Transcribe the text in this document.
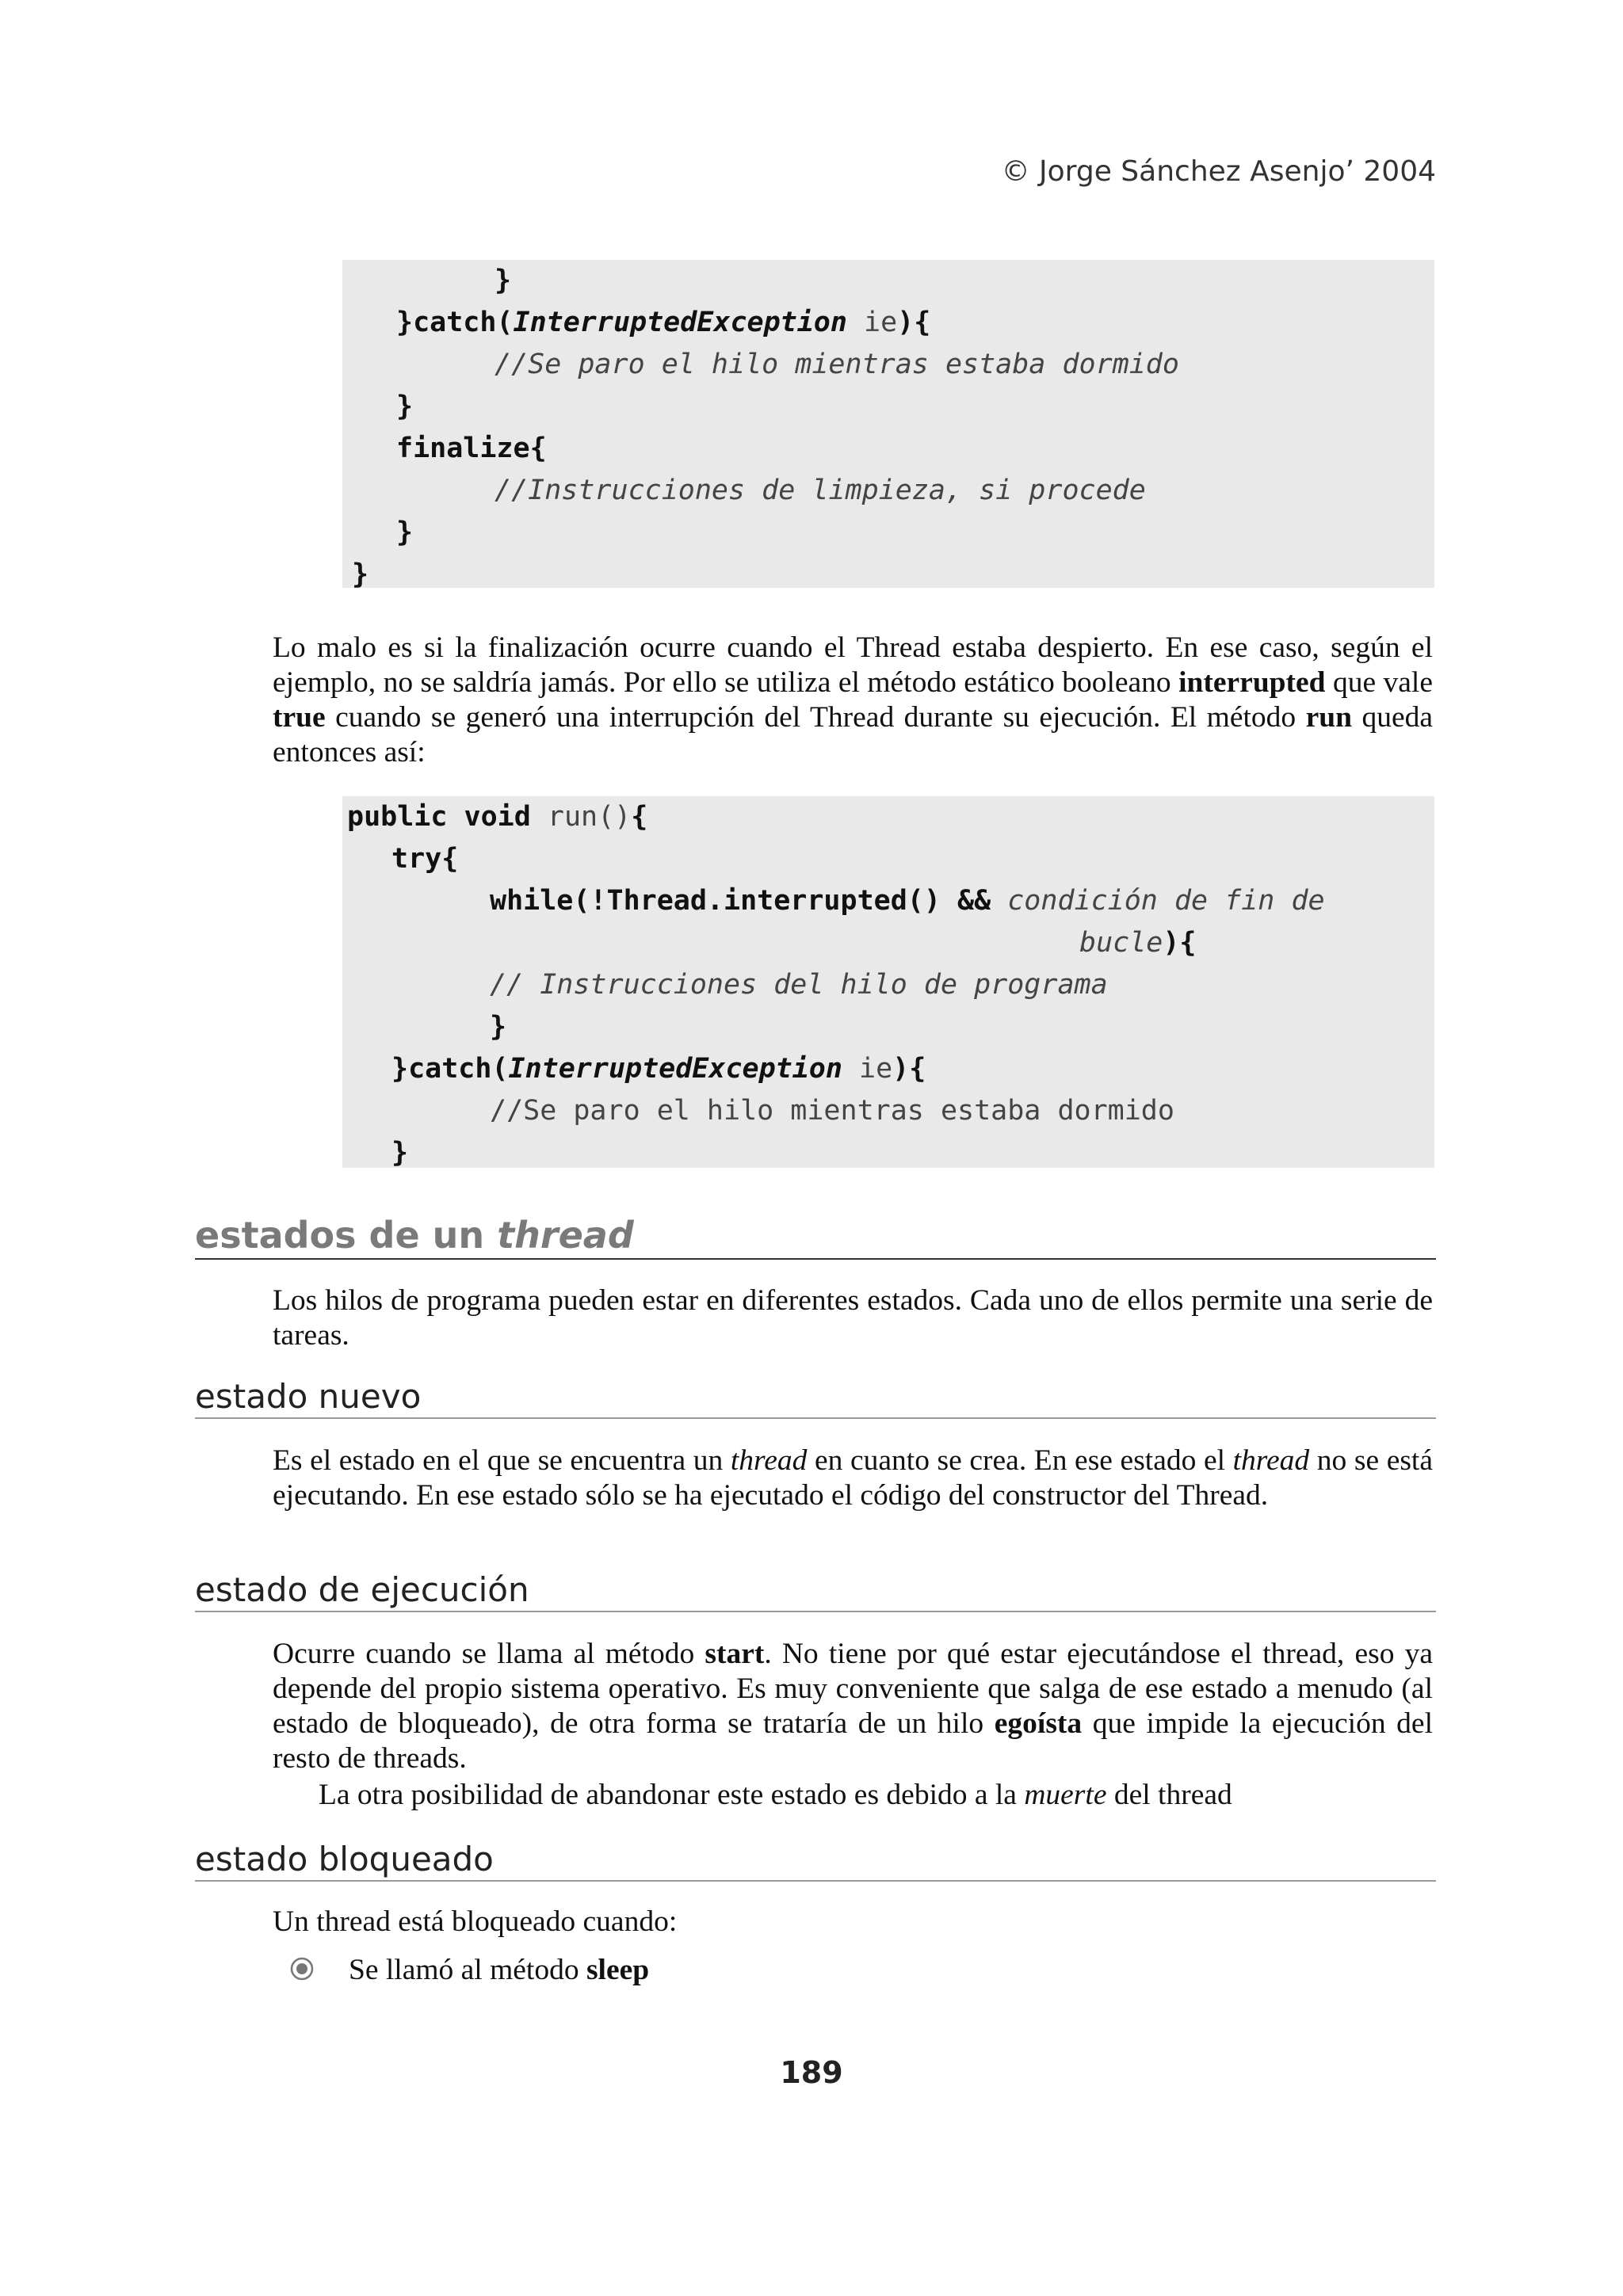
© Jorge Sánchez Asenjo’ 2004
}
}catch(InterruptedException ie){
//Se paro el hilo mientras estaba dormido
}
finalize{
//Instrucciones de limpieza, si procede
}
}
Lo malo es si la finalización ocurre cuando el Thread estaba despierto. En ese caso, según el ejemplo, no se saldría jamás. Por ello se utiliza el método estático booleano interrupted que vale true cuando se generó una interrupción del Thread durante su ejecución. El método run queda entonces así:
public void run(){
try{
while(!Thread.interrupted() && condición de fin de
bucle){
// Instrucciones del hilo de programa
}
}catch(InterruptedException ie){
//Se paro el hilo mientras estaba dormido
}
estados de un thread
Los hilos de programa pueden estar en diferentes estados. Cada uno de ellos permite una serie de tareas.
estado nuevo
Es el estado en el que se encuentra un thread en cuanto se crea. En ese estado el thread no se está ejecutando. En ese estado sólo se ha ejecutado el código del constructor del Thread.
estado de ejecución
Ocurre cuando se llama al método start. No tiene por qué estar ejecutándose el thread, eso ya depende del propio sistema operativo. Es muy conveniente que salga de ese estado a menudo (al estado de bloqueado), de otra forma se trataría de un hilo egoísta que impide la ejecución del resto de threads.
La otra posibilidad de abandonar este estado es debido a la muerte del thread
estado bloqueado
Un thread está bloqueado cuando:
Se llamó al método sleep
189
